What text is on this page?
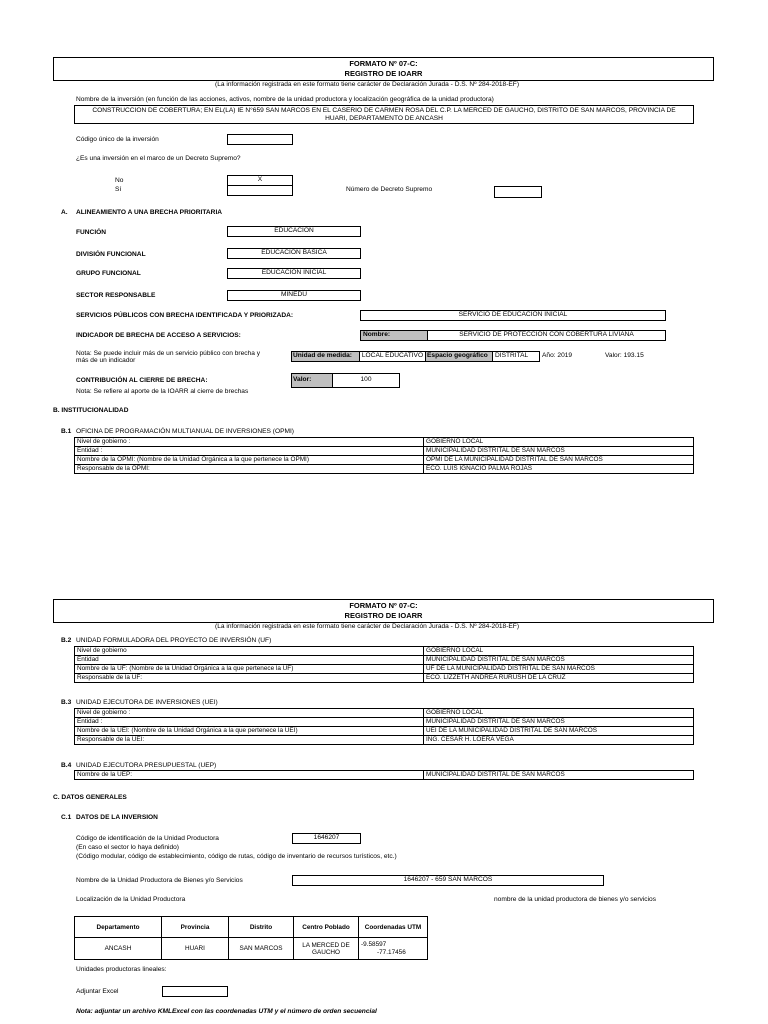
FORMATO Nº 07-C:
REGISTRO DE IOARR
(La información registrada en este formato tiene carácter de Declaración Jurada - D.S. Nº 284-2018-EF)
Nombre de la inversión (en función de las acciones, activos, nombre de la unidad productora y localización geográfica de la unidad productora)
CONSTRUCCION DE COBERTURA; EN EL(LA) IE N°659 SAN MARCOS EN EL CASERIO DE CARMEN ROSA DEL C.P. LA MERCED DE GAUCHO, DISTRITO DE SAN MARCOS, PROVINCIA DE
HUARI, DEPARTAMENTO DE ANCASH
Código único de la inversión
¿Es una inversión en el marco de un Decreto Supremo?
No	X
Sí	Número de Decreto Supremo
A. ALINEAMIENTO A UNA BRECHA PRIORITARIA
FUNCIÓN	EDUCACION
DIVISIÓN FUNCIONAL	EDUCACION BASICA
GRUPO FUNCIONAL	EDUCACION INICIAL
SECTOR RESPONSABLE	MINEDU
SERVICIOS PÚBLICOS CON BRECHA IDENTIFICADA Y PRIORIZADA:	SERVICIO DE EDUCACION INICIAL
INDICADOR DE BRECHA DE ACCESO A SERVICIOS:	Nombre:	SERVICIO DE PROTECCION CON COBERTURA LIVIANA
Nota: Se puede incluir más de un servicio público con brecha y
más de un indicador
Unidad de medida:	LOCAL EDUCATIVO Espacio geográfico	DISTRITAL	Año: 2019	Valor: 193.15
CONTRIBUCIÓN AL CIERRE DE BRECHA:	Valor:	100
Nota: Se refiere al aporte de la IOARR al cierre de brechas
B. INSTITUCIONALIDAD
B.1 OFICINA DE PROGRAMACIÓN MULTIANUAL DE INVERSIONES (OPMI)
Nivel de gobierno :	GOBIERNO LOCAL
Entidad :	MUNICIPALIDAD DISTRITAL DE SAN MARCOS
Nombre de la OPMI: (Nombre de la Unidad Orgánica a la que pertenece la OPMI)	OPMI DE LA MUNICIPALIDAD DISTRITAL DE SAN MARCOS
Responsable de la OPMI:	ECO. LUIS IGNACIO PALMA ROJAS
FORMATO Nº 07-C:
REGISTRO DE IOARR
(La información registrada en este formato tiene carácter de Declaración Jurada - D.S. Nº 284-2018-EF)
B.2 UNIDAD FORMULADORA DEL PROYECTO DE INVERSIÓN (UF)
Nivel de gobierno	GOBIERNO LOCAL
Entidad	MUNICIPALIDAD DISTRITAL DE SAN MARCOS
Nombre de la UF: (Nombre de la Unidad Orgánica a la que pertenece la UF)	UF DE LA MUNICIPALIDAD DISTRITAL DE SAN MARCOS
Responsable de la UF:	ECO. LIZZETH ANDREA RURUSH DE LA CRUZ
B.3 UNIDAD EJECUTORA DE INVERSIONES (UEI)
Nivel de gobierno :	GOBIERNO LOCAL
Entidad :	MUNICIPALIDAD DISTRITAL DE SAN MARCOS
Nombre de la UEI: (Nombre de la Unidad Orgánica a la que pertenece la UEI)	UEI DE LA MUNICIPALIDAD DISTRITAL DE SAN MARCOS
Responsable de la UEI:	ING. CESAR H. LOERA VEGA
B.4 UNIDAD EJECUTORA PRESUPUESTAL (UEP)
Nombre de la UEP:	MUNICIPALIDAD DISTRITAL DE SAN MARCOS
C. DATOS GENERALES
C.1 DATOS DE LA INVERSION
Código de identificación de la Unidad Productora	1646207
(En caso el sector lo haya definido)
(Código modular, código de establecimiento, código de rutas, código de inventario de recursos turísticos, etc.)
Nombre de la Unidad Productora de Bienes y/o Servicios	1646207 - 659 SAN MARCOS
Localización de la Unidad Productora	nombre de la unidad productora de bienes y/o servicios
Departamento	Provincia	Distrito	Centro Poblado	Coordenadas UTM
ANCASH	HUARI	SAN MARCOS	LA MERCED DE GAUCHO	-9.58597
-77.17456
Unidades productoras lineales:
Adjuntar Excel
Nota: adjuntar un archivo KMLExcel con las coordenadas UTM y el número de orden secuencial
